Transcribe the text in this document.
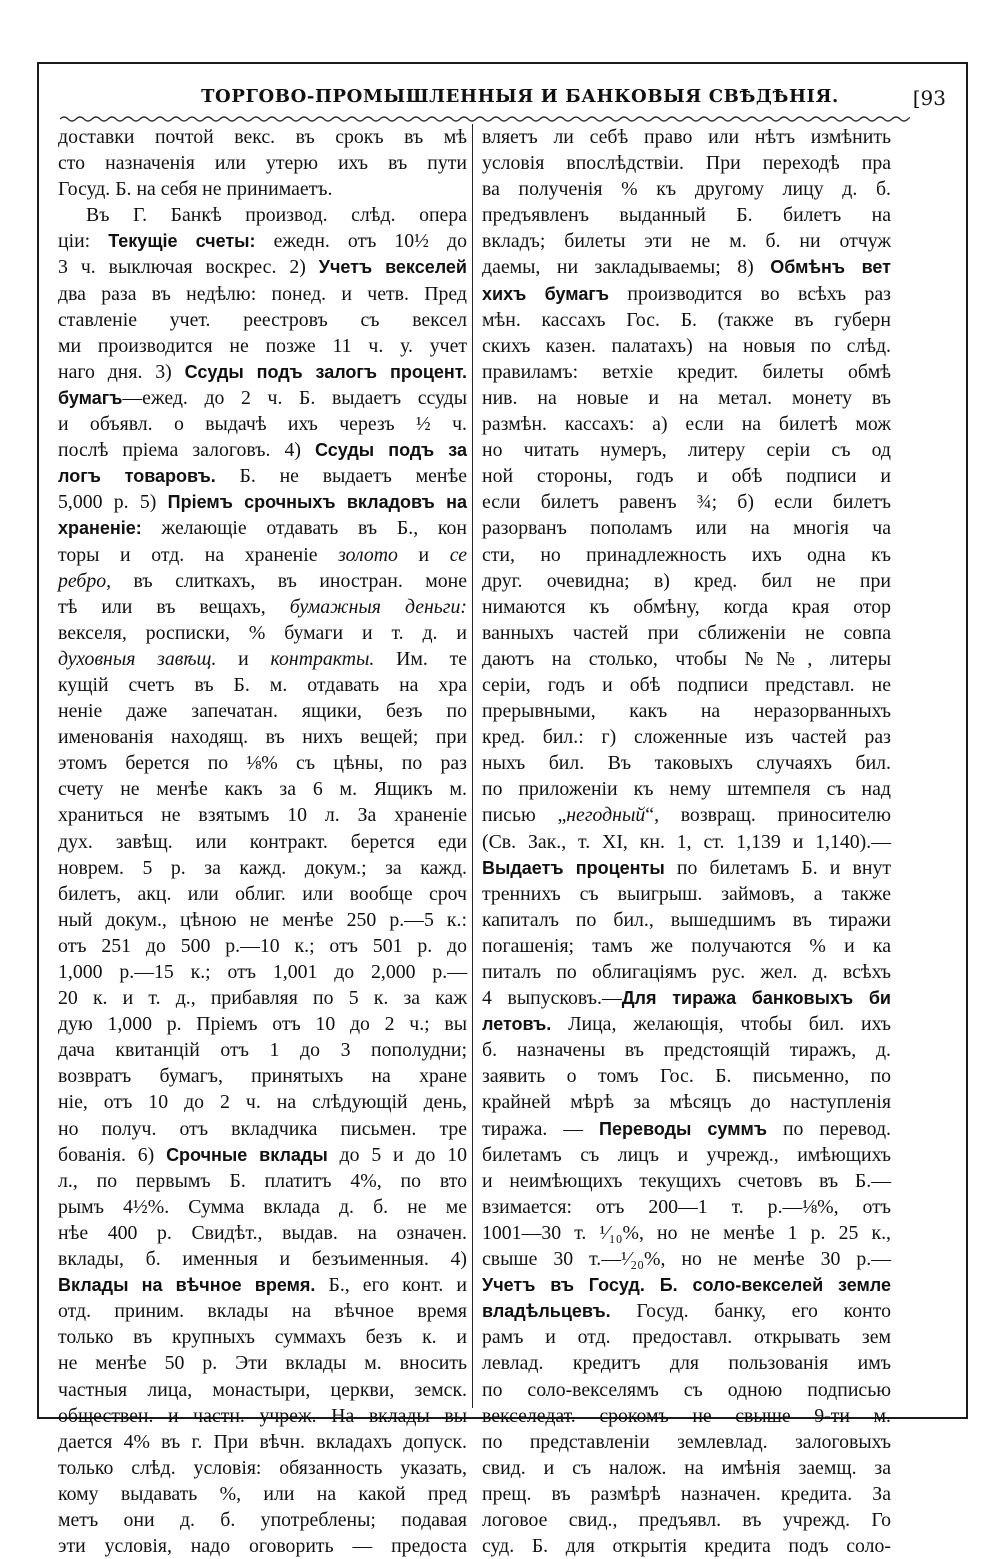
ТОРГОВО-ПРОМЫШЛЕННЫЯ И БАНКОВЫЯ СВѢДѢНІЯ.	[93
доставки почтой векс. въ срокъ въ мѣ
сто назначенія или утерю ихъ въ пути
Госуд. Б. на себя не принимаетъ.
Въ Г. Банкѣ производ. слѣд. опера
ціи: Текущіе счеты: ежедн. отъ 10½ до
3 ч. выключая воскрес. 2) Учетъ векселей
два раза въ недѣлю: понед. и четв. Пред
ставленіе учет. реестровъ съ вексел
ми производится не позже 11 ч. у. учет
наго дня. 3) Ссуды подъ залогъ процент.
бумагъ—ежед. до 2 ч. Б. выдаетъ ссуды
и объявл. о выдачѣ ихъ черезъ ½ ч.
послѣ пріема залоговъ. 4) Ссуды подъ за
логъ товаровъ. Б. не выдаетъ менѣе
5,000 р. 5) Пріемъ срочныхъ вкладовъ на
храненіе: желающіе отдавать въ Б., кон
торы и отд. на храненіе золото и се
ребро, въ слиткахъ, въ иностран. моне
тѣ или въ вещахъ, бумажныя деньги:
векселя, росписки, % бумаги и т. д. и
духовныя завѣщ. и контракты. Им. те
кущій счетъ въ Б. м. отдавать на хра
неніе даже запечатан. ящики, безъ по
именованія находящ. въ нихъ вещей; при
этомъ берется по ⅛% съ цѣны, по раз
счету не менѣе какъ за 6 м. Ящикъ м.
храниться не взятымъ 10 л. За храненіе
дух. завѣщ. или контракт. берется еди
новрем. 5 р. за кажд. докум.; за кажд.
билетъ, акц. или облиг. или вообще сроч
ный докум., цѣною не менѣе 250 р.—5 к.:
отъ 251 до 500 р.—10 к.; отъ 501 р. до
1,000 р.—15 к.; отъ 1,001 до 2,000 р.—
20 к. и т. д., прибавляя по 5 к. за каж
дую 1,000 р. Пріемъ отъ 10 до 2 ч.; вы
дача квитанцій отъ 1 до 3 пополудни;
возвратъ бумагъ, принятыхъ на хране
ніе, отъ 10 до 2 ч. на слѣдующій день,
но получ. отъ вкладчика письмен. тре
бованія. 6) Срочные вклады до 5 и до 10
л., по первымъ Б. платитъ 4%, по вто
рымъ 4½%. Сумма вклада д. б. не ме
нѣе 400 р. Свидѣт., выдав. на означен.
вклады, б. именныя и безъименныя. 4)
Вклады на вѣчное время. Б., его конт. и
отд. приним. вклады на вѣчное время
только въ крупныхъ суммахъ безъ к. и
не менѣе 50 р. Эти вклады м. вносить
частныя лица, монастыри, церкви, земск.
обществен. и частн. учреж. На вклады вы
дается 4% въ г. При вѣчн. вкладахъ допуск.
только слѣд. условія: обязанность указать,
кому выдавать %, или на какой пред
метъ они д. б. употреблены; подавая
эти условія, надо оговорить — предоста
вляетъ ли себѣ право или нѣтъ измѣнить
условія впослѣдствіи. При переходѣ пра
ва полученія % къ другому лицу д. б.
предъявленъ выданный Б. билетъ на
вкладъ; билеты эти не м. б. ни отчуж
даемы, ни закладываемы; 8) Обмѣнъ вет
хихъ бумагъ производится во всѣхъ раз
мѣн. кассахъ Гос. Б. (также въ губерн
скихъ казен. палатахъ) на новыя по слѣд.
правиламъ: ветхіе кредит. билеты обмѣ
нив. на новые и на метал. монету въ
размѣн. кассахъ: а) если на билетѣ мож
но читать нумеръ, литеру серіи съ од
ной стороны, годъ и обѣ подписи и
если билетъ равенъ ¾; б) если билетъ
разорванъ пополамъ или на многія ча
сти, но принадлежность ихъ одна къ
друг. очевидна; в) кред. бил не при
нимаются къ обмѣну, когда края отор
ванныхъ частей при сближеніи не совпа
даютъ на столько, чтобы №№, литеры
серіи, годъ и обѣ подписи представл. не
прерывными, какъ на неразорванныхъ
кред. бил.: г) сложенные изъ частей раз
ныхъ бил. Въ таковыхъ случаяхъ бил.
по приложеніи къ нему штемпеля съ над
писью „негодный“, возвращ. приносителю
(Св. Зак., т. XI, кн. 1, ст. 1,139 и 1,140).—
Выдаетъ проценты по билетамъ Б. и внут
треннихъ съ выигрыш. займовъ, а также
капиталъ по бил., вышедшимъ въ тиражи
погашенія; тамъ же получаются % и ка
питалъ по облигаціямъ рус. жел. д. всѣхъ
4 выпусковъ.—Для тиража банковыхъ би
летовъ. Лица, желающія, чтобы бил. ихъ
б. назначены въ предстоящій тиражъ, д.
заявить о томъ Гос. Б. письменно, по
крайней мѣрѣ за мѣсяцъ до наступленія
тиража. — Переводы суммъ по перевод.
билетамъ съ лицъ и учрежд., имѣющихъ
и неимѣющихъ текущихъ счетовъ въ Б.—
взимается: отъ 200—1 т. р.—⅛%, отъ
1001—30 т. ¹⁄₁₀%, но не менѣе 1 р. 25 к.,
свыше 30 т.—¹⁄₂₀%, но не менѣе 30 р.—
Учетъ въ Госуд. Б. соло-векселей земле
владѣльцевъ. Госуд. банку, его конто
рамъ и отд. предоставл. открывать зем
левлад. кредитъ для пользованія имъ
по соло-векселямъ съ одною подписью
векселедат. срокомъ не свыше 9-ти м.
по представленіи землевлад. залоговыхъ
свид. и съ налож. на имѣнія заемщ. за
прещ. въ размѣрѣ назначен. кредита. За
логовое свид., предъявл. въ учрежд. Го
суд. Б. для открытія кредита подъ соло-
